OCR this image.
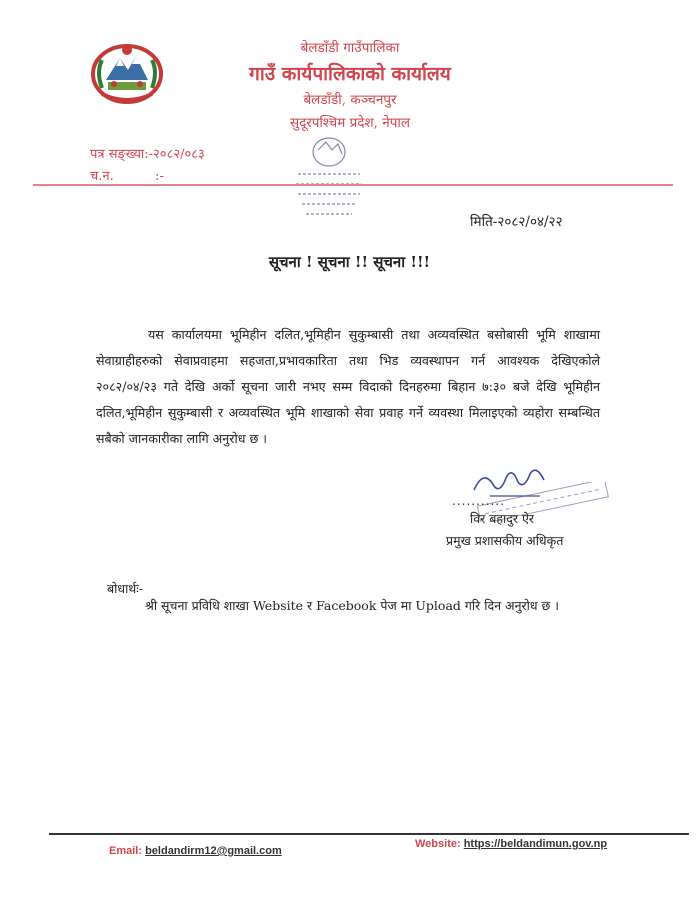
बेलडाँडी गाउँपालिका
गाउँ कार्यपालिकाको कार्यालय
बेलडाँडी, कञ्चनपुर
सुदूरपश्चिम प्रदेश, नेपाल
पत्र सङ्ख्या:-२०८२/०८३
च.न.          :-
मिति-२०८२/०४/२२
सूचना ! सूचना !! सूचना !!!
यस कार्यालयमा भूमिहीन दलित,भूमिहीन सुकुम्बासी तथा अव्यवस्थित बसोबासी भूमि शाखामा सेवाग्राहीहरुको सेवाप्रवाहमा सहजता,प्रभावकारिता तथा भिड व्यवस्थापन गर्न आवश्यक देखिएकोले २०८२/०४/२३ गते देखि अर्को सूचना जारी नभए सम्म विदाको दिनहरुमा बिहान ७:३० बजे देखि भूमिहीन दलित,भूमिहीन सुकुम्बासी र अव्यवस्थित भूमि शाखाको सेवा प्रवाह गर्ने व्यवस्था मिलाइएको व्यहोरा सम्बन्धित सबैको जानकारीका लागि अनुरोध छ ।
...........
विर बहादुर ऐर
प्रमुख प्रशासकीय अधिकृत
बोधार्थः-
श्री सूचना प्रविधि शाखा Website र Facebook पेज मा Upload गरि दिन अनुरोध छ ।
Email: beldandirm12@gmail.com
Website: https://beldandimun.gov.np
